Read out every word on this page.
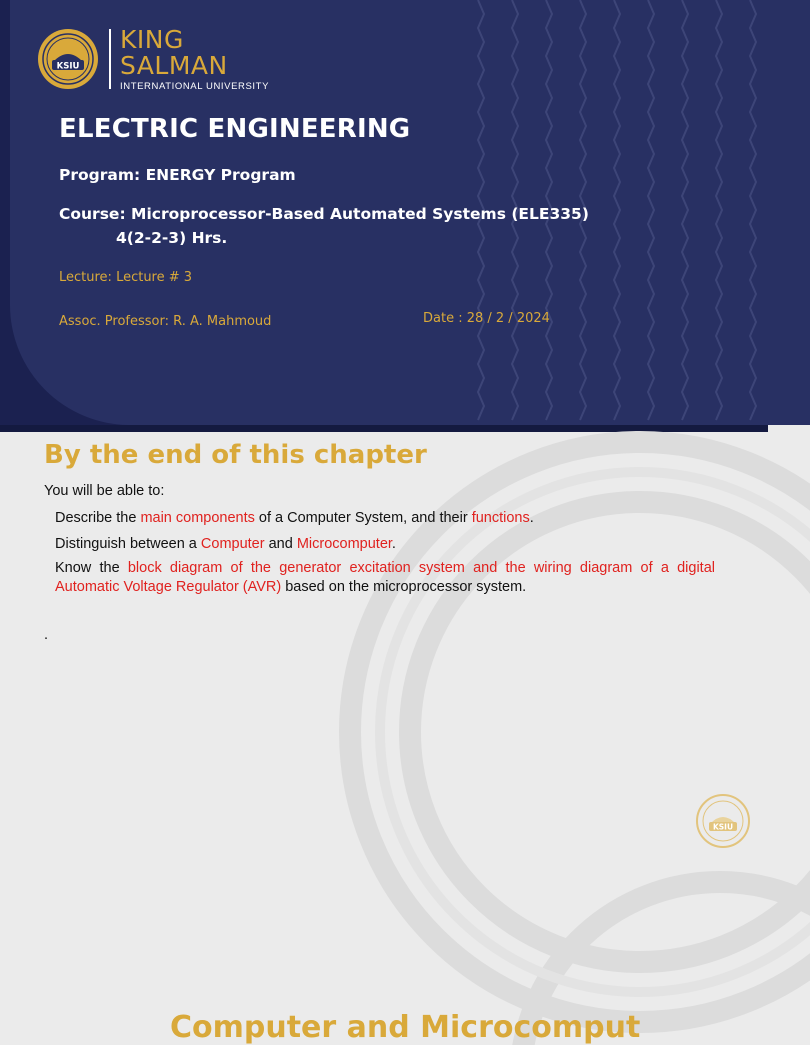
KSIU
KING
SALMAN
INTERNATIONAL UNIVERSITY
ELECTRIC ENGINEERING
Program: ENERGY Program
Course: Microprocessor-Based Automated Systems (ELE335)
4(2-2-3) Hrs.
Lecture: Lecture # 3
Assoc. Professor: R. A. Mahmoud	Date : 28 / 2 / 2024
By the end of this chapter
You will be able to:
Describe the main components of a Computer System, and their functions.
Distinguish between a Computer and Microcomputer.
Know the block diagram of the generator excitation system and the wiring diagram of a digital Automatic Voltage Regulator (AVR) based on the microprocessor system.
.
KSIU
Computer and Microcomput
